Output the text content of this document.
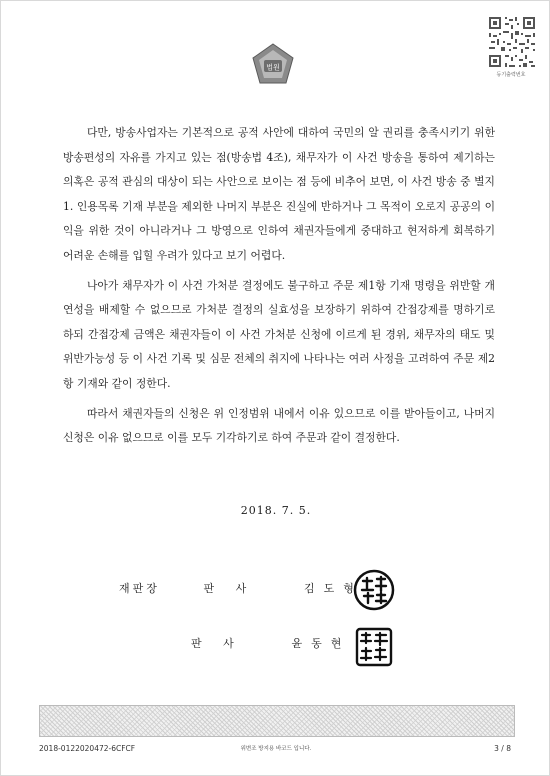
법원
등기출력번호

다만, 방송사업자는 기본적으로 공적 사안에 대하여 국민의 알 권리를 충족시키기 위한 방송편성의 자유를 가지고 있는 점(방송법 4조), 채무자가 이 사건 방송을 통하여 제기하는 의혹은 공적 관심의 대상이 되는 사안으로 보이는 점 등에 비추어 보면, 이 사건 방송 중 별지 1. 인용목록 기재 부분을 제외한 나머지 부분은 진실에 반하거나 그 목적이 오로지 공공의 이익을 위한 것이 아니라거나 그 방영으로 인하여 채권자들에게 중대하고 현저하게 회복하기 어려운 손해를 입힐 우려가 있다고 보기 어렵다.

나아가 채무자가 이 사건 가처분 결정에도 불구하고 주문 제1항 기재 명령을 위반할 개연성을 배제할 수 없으므로 가처분 결정의 실효성을 보장하기 위하여 간접강제를 명하기로 하되 간접강제 금액은 채권자들이 이 사건 가처분 신청에 이르게 된 경위, 채무자의 태도 및 위반가능성 등 이 사건 기록 및 심문 전체의 취지에 나타나는 여러 사정을 고려하여 주문 제2항 기재와 같이 정한다.

따라서 채권자들의 신청은 위 인정범위 내에서 이유 있으므로 이를 받아들이고, 나머지 신청은 이유 없으므로 이를 모두 기각하기로 하여 주문과 같이 결정한다.

2018. 7. 5.
재판장	판 사	김도형
판 사	윤동현
2018-0122020472-6CFCF	위변조 방지용 바코드 입니다.	3 / 8
